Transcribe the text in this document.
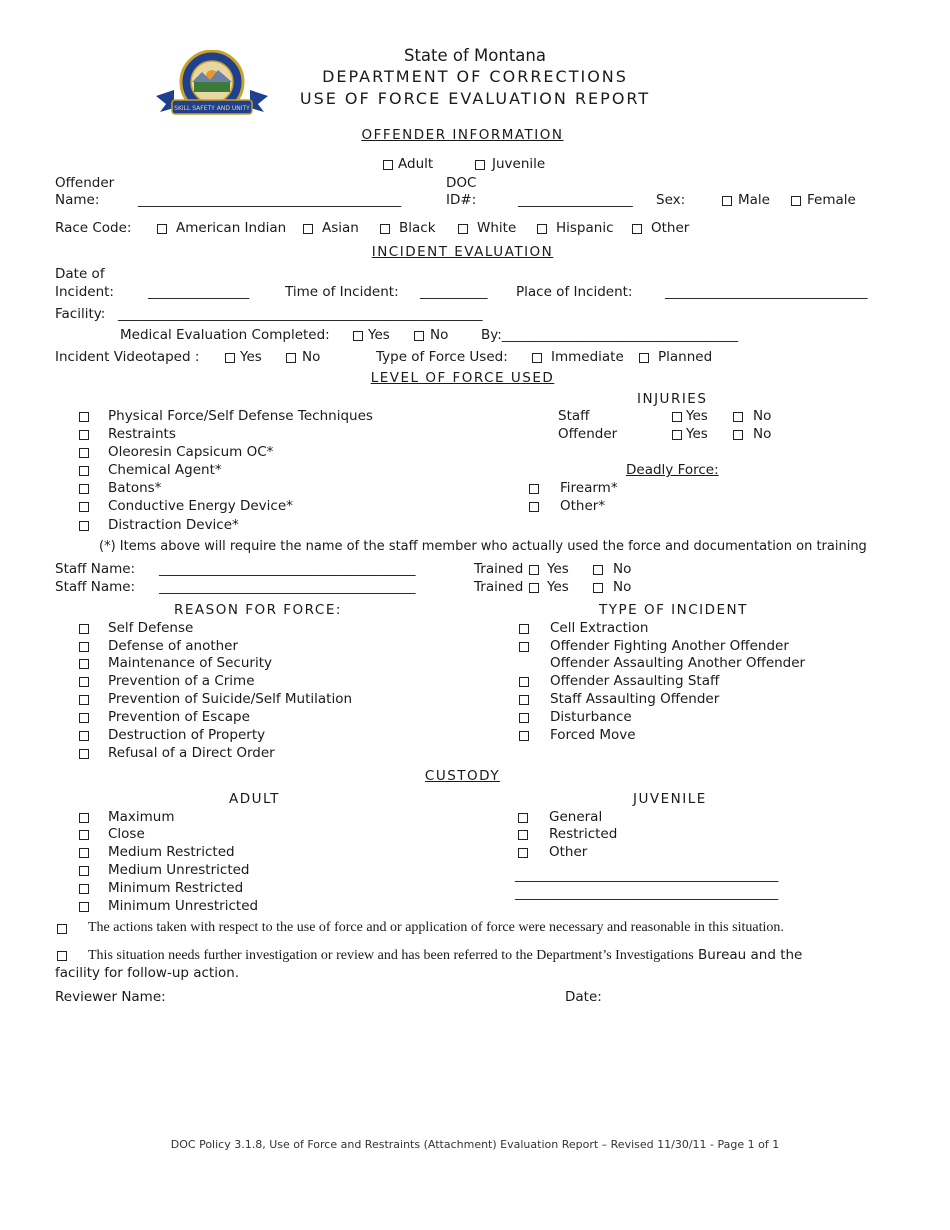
SKILL SAFETY AND UNITY
State of Montana
DEPARTMENT OF CORRECTIONS
USE OF FORCE EVALUATION REPORT
OFFENDER INFORMATION
Adult	Juvenile
Offender
Name:	_______________________________________
DOC
ID#:	_________________ Sex:	Male	Female
Race Code:	American Indian	Asian	Black	White	Hispanic	Other
INCIDENT EVALUATION
Date of
Incident:	_______________	Time of Incident: __________ Place of Incident: ______________________________
Facility: ______________________________________________________
Medical Evaluation Completed:	Yes	No By:___________________________________
Incident Videotaped :	Yes	No	Type of Force Used:	Immediate	Planned
LEVEL OF FORCE USED
Physical Force/Self Defense Techniques
Restraints
Oleoresin Capsicum OC*
Chemical Agent*
Batons*
Conductive Energy Device*
Distraction Device*
INJURIES
Staff	Yes	No
Offender	Yes	No
Deadly Force:
Firearm*
Other*
(*) Items above will require the name of the staff member who actually used the force and documentation on training
Staff Name: ______________________________________	Trained Yes	No
Staff Name: ______________________________________	Trained Yes	No
REASON FOR FORCE:	TYPE OF INCIDENT
Self Defense
Defense of another
Maintenance of Security
Prevention of a Crime
Prevention of Suicide/Self Mutilation
Prevention of Escape
Destruction of Property
Refusal of a Direct Order
Cell Extraction
Offender Fighting Another Offender
Offender Assaulting Another Offender
Offender Assaulting Staff
Staff Assaulting Offender
Disturbance
Forced Move
CUSTODY
ADULT	JUVENILE
Maximum
Close
Medium Restricted
Medium Unrestricted
Minimum Restricted
Minimum Unrestricted
General
Restricted
Other
_______________________________________
_______________________________________
The actions taken with respect to the use of force and or application of force were necessary and reasonable in this situation.
This situation needs further investigation or review and has been referred to the Department’s Investigations Bureau and the
facility for follow-up action.
Reviewer Name:	Date:
DOC Policy 3.1.8, Use of Force and Restraints (Attachment) Evaluation Report – Revised 11/30/11 - Page 1 of 1
